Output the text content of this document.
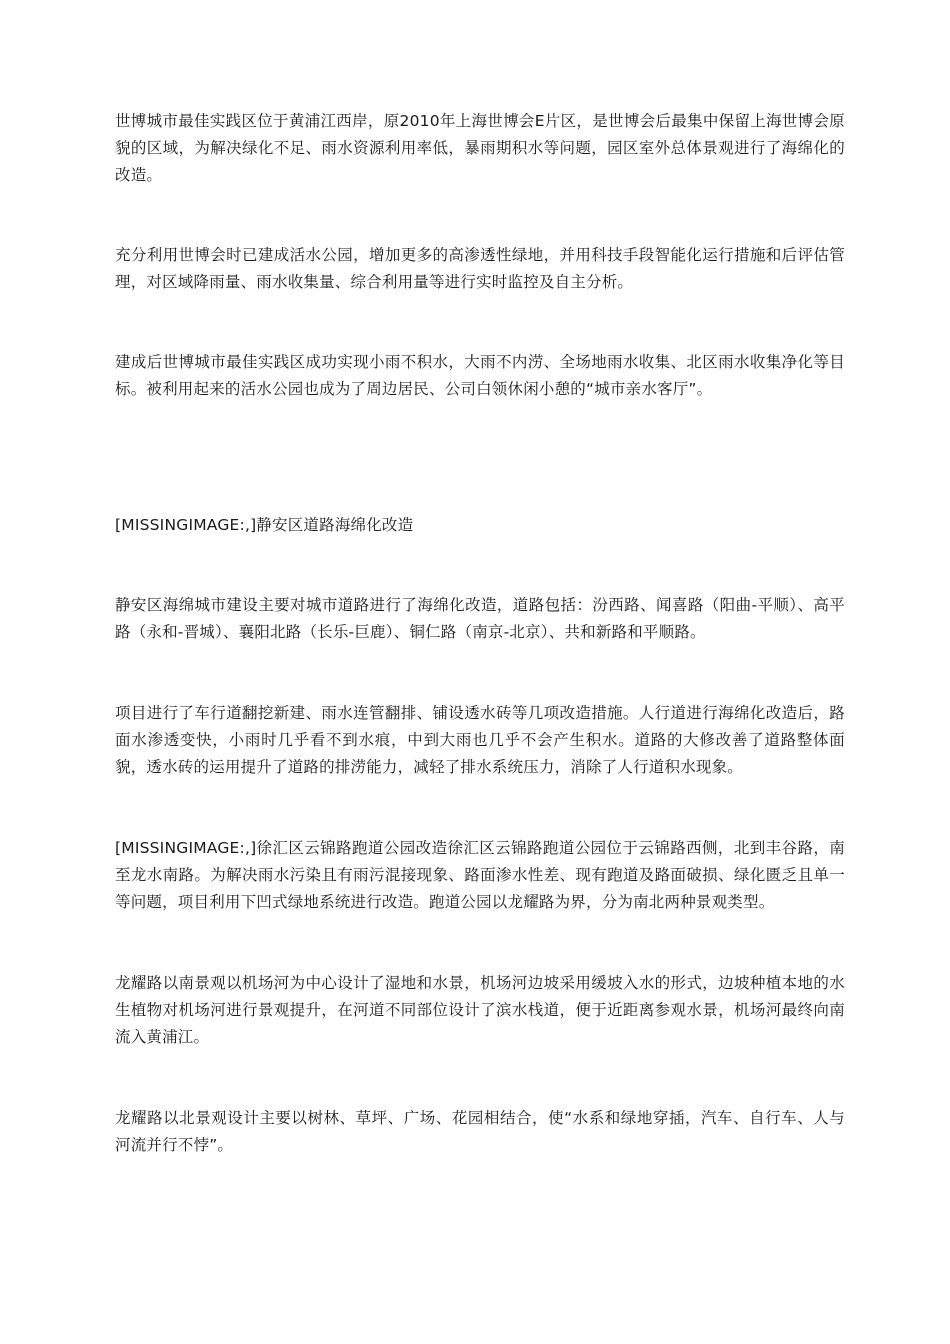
世博城市最佳实践区位于黄浦江西岸，原2010年上海世博会E片区，是世博会后最集中保留上海世博会原貌的区域，为解决绿化不足、雨水资源利用率低，暴雨期积水等问题，园区室外总体景观进行了海绵化的改造。

充分利用世博会时已建成活水公园，增加更多的高渗透性绿地，并用科技手段智能化运行措施和后评估管理，对区域降雨量、雨水收集量、综合利用量等进行实时监控及自主分析。

建成后世博城市最佳实践区成功实现小雨不积水，大雨不内涝、全场地雨水收集、北区雨水收集净化等目标。被利用起来的活水公园也成为了周边居民、公司白领休闲小憩的“城市亲水客厅”。

[MISSINGIMAGE:,]静安区道路海绵化改造

静安区海绵城市建设主要对城市道路进行了海绵化改造，道路包括：汾西路、闻喜路（阳曲-平顺）、高平路（永和-晋城）、襄阳北路（长乐-巨鹿）、铜仁路（南京-北京）、共和新路和平顺路。

项目进行了车行道翻挖新建、雨水连管翻排、铺设透水砖等几项改造措施。人行道进行海绵化改造后，路面水渗透变快，小雨时几乎看不到水痕，中到大雨也几乎不会产生积水。道路的大修改善了道路整体面貌，透水砖的运用提升了道路的排涝能力，减轻了排水系统压力，消除了人行道积水现象。

[MISSINGIMAGE:,]徐汇区云锦路跑道公园改造徐汇区云锦路跑道公园位于云锦路西侧，北到丰谷路，南至龙水南路。为解决雨水污染且有雨污混接现象、路面渗水性差、现有跑道及路面破损、绿化匮乏且单一等问题，项目利用下凹式绿地系统进行改造。跑道公园以龙耀路为界，分为南北两种景观类型。

龙耀路以南景观以机场河为中心设计了湿地和水景，机场河边坡采用缓坡入水的形式，边坡种植本地的水生植物对机场河进行景观提升，在河道不同部位设计了滨水栈道，便于近距离参观水景，机场河最终向南流入黄浦江。

龙耀路以北景观设计主要以树林、草坪、广场、花园相结合，使“水系和绿地穿插，汽车、自行车、人与河流并行不悖”。
